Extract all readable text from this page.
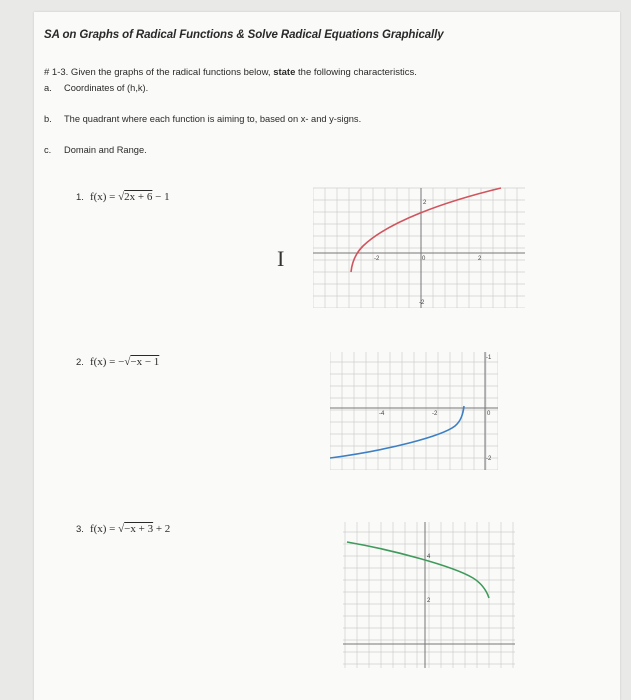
SA on Graphs of Radical Functions & Solve Radical Equations Graphically
# 1-3. Given the graphs of the radical functions below, state the following characteristics.
a. Coordinates of (h,k).
b. The quadrant where each function is aiming to, based on x- and y-signs.
c. Domain and Range.
1. f(x) = √2x + 6 − 1
2. f(x) = −√−x − 1
3. f(x) = √−x + 3 + 2
I
2
-2	0	2
-2
-1
-4	-2	0
-2
4
2
